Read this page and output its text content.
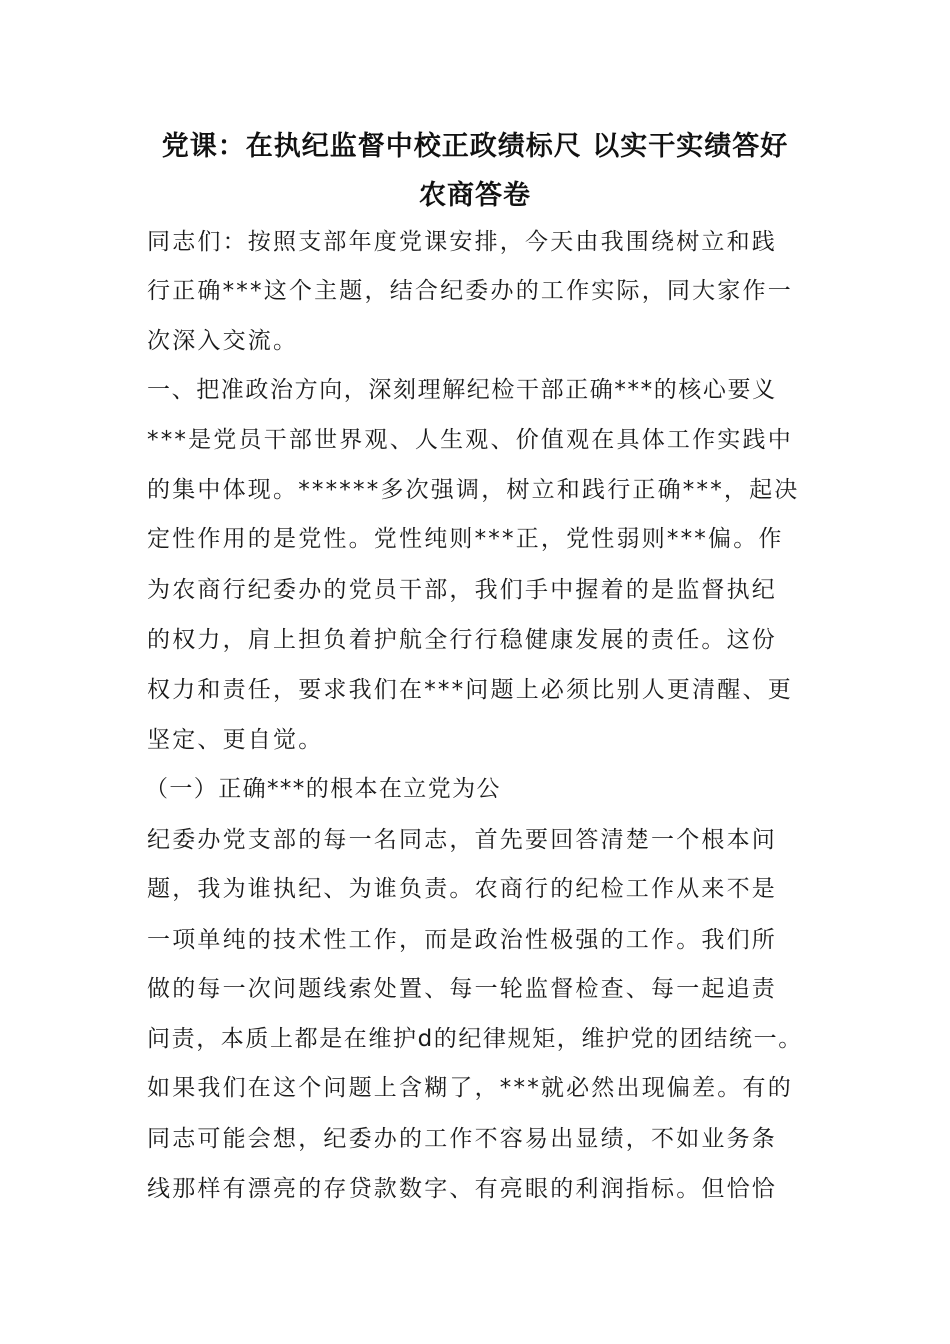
党课：在执纪监督中校正政绩标尺 以实干实绩答好
农商答卷

同志们：按照支部年度党课安排，今天由我围绕树立和践

行正确***这个主题，结合纪委办的工作实际，同大家作一

次深入交流。

一、把准政治方向，深刻理解纪检干部正确***的核心要义

***是党员干部世界观、人生观、价值观在具体工作实践中

的集中体现。******多次强调，树立和践行正确***，起决

定性作用的是党性。党性纯则***正，党性弱则***偏。作

为农商行纪委办的党员干部，我们手中握着的是监督执纪

的权力，肩上担负着护航全行行稳健康发展的责任。这份

权力和责任，要求我们在***问题上必须比别人更清醒、更

坚定、更自觉。

（一）正确***的根本在立党为公

纪委办党支部的每一名同志，首先要回答清楚一个根本问

题，我为谁执纪、为谁负责。农商行的纪检工作从来不是

一项单纯的技术性工作，而是政治性极强的工作。我们所

做的每一次问题线索处置、每一轮监督检查、每一起追责

问责，本质上都是在维护d的纪律规矩，维护党的团结统一。

如果我们在这个问题上含糊了，***就必然出现偏差。有的

同志可能会想，纪委办的工作不容易出显绩，不如业务条

线那样有漂亮的存贷款数字、有亮眼的利润指标。但恰恰
